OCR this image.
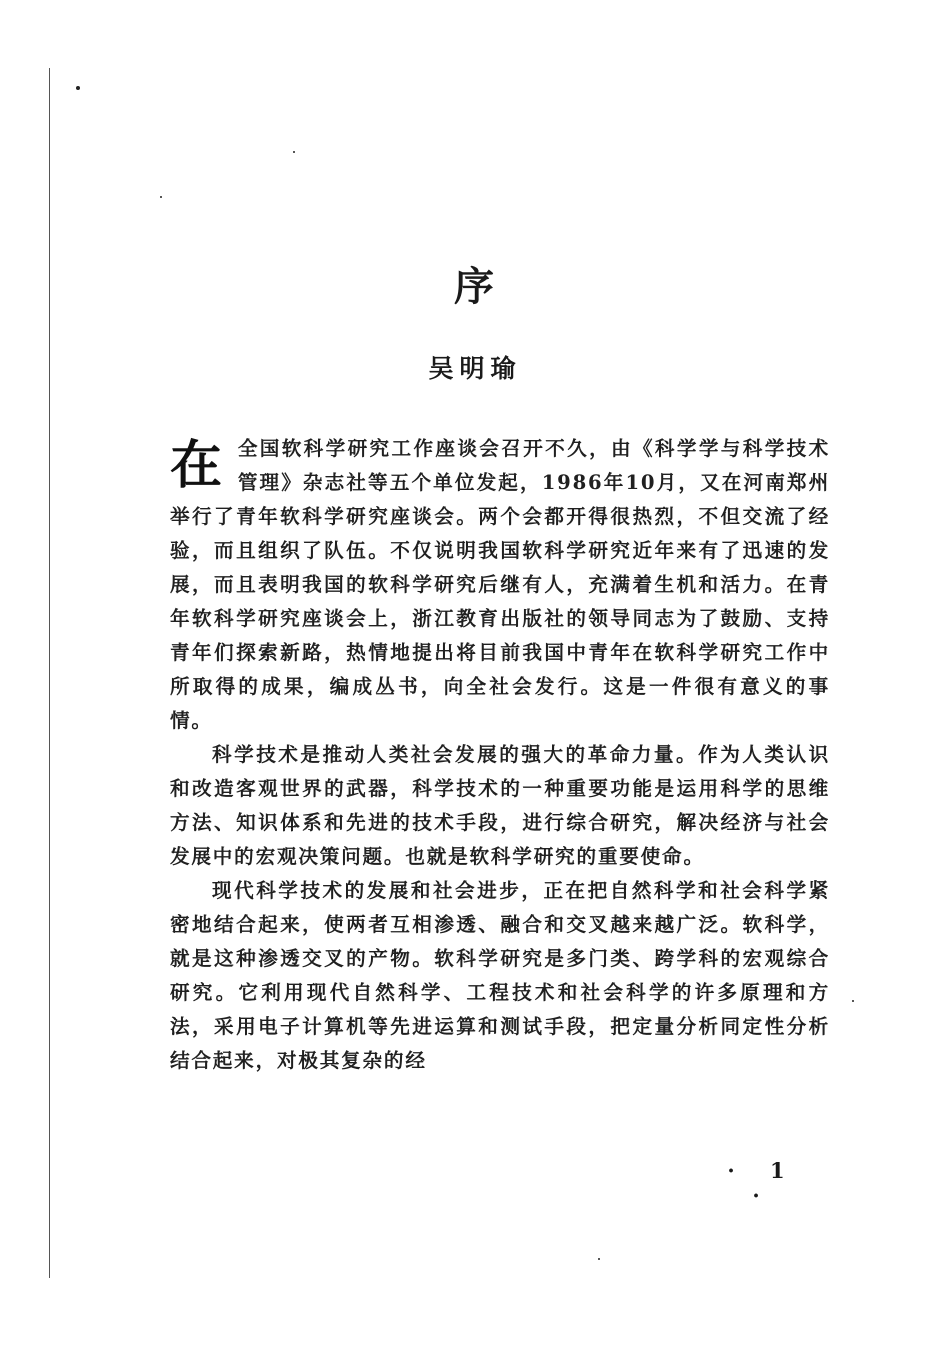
序
吴明瑜

在 全国软科学研究工作座谈会召开不久，由《科学学与科学技术管理》杂志社等五个单位发起，1986年10月，又在河南郑州举行了青年软科学研究座谈会。两个会都开得很热烈，不但交流了经验，而且组织了队伍。不仅说明我国软科学研究近年来有了迅速的发展，而且表明我国的软科学研究后继有人，充满着生机和活力。在青年软科学研究座谈会上，浙江教育出版社的领导同志为了鼓励、支持青年们探索新路，热情地提出将目前我国中青年在软科学研究工作中所取得的成果，编成丛书，向全社会发行。这是一件很有意义的事情。

科学技术是推动人类社会发展的强大的革命力量。作为人类认识和改造客观世界的武器，科学技术的一种重要功能是运用科学的思维方法、知识体系和先进的技术手段，进行综合研究，解决经济与社会发展中的宏观决策问题。也就是软科学研究的重要使命。

现代科学技术的发展和社会进步，正在把自然科学和社会科学紧密地结合起来，使两者互相渗透、融合和交叉越来越广泛。软科学，就是这种渗透交叉的产物。软科学研究是多门类、跨学科的宏观综合研究。它利用现代自然科学、工程技术和社会科学的许多原理和方法，采用电子计算机等先进运算和测试手段，把定量分析同定性分析结合起来，对极其复杂的经

· 1 ·
